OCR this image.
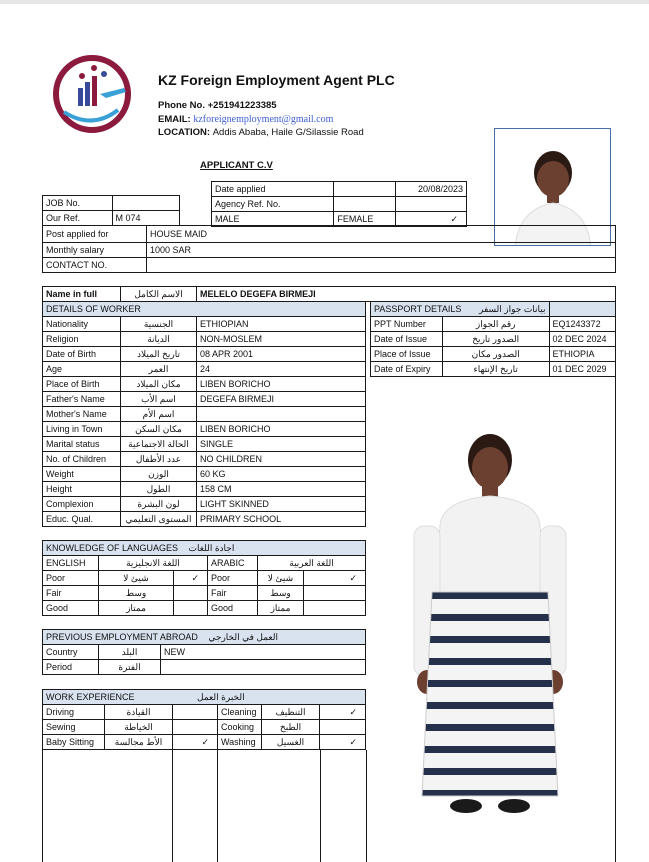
KZ Foreign Employment Agent PLC
Phone No. +251941223385
EMAIL: kzforeignemployment@gmail.com
LOCATION: Addis Ababa, Haile G/Silassie Road
APPLICANT C.V
Date applied		20/08/2023
Agency Ref. No.		
MALE	FEMALE	✓
JOB No.	
Our Ref.	M 074
Post applied for	HOUSE MAID
Monthly salary	1000 SAR
CONTACT NO.	
Name in full	الاسم الكامل	MELELO DEGEFA BIRMEJI
DETAILS OF WORKER		
Nationality	الجنسية	ETHIOPIAN
Religion	الديانة	NON-MOSLEM
Date of Birth	تاريخ الميلاد	08 APR 2001
Age	العمر	24
Place of Birth	مكان الميلاد	LIBEN BORICHO
Father's Name	اسم الأب	DEGEFA BIRMEJI
Mother's Name	اسم الأم	
Living in Town	مكان السكن	LIBEN BORICHO
Marital status	الحالة الاجتماعية	SINGLE
No. of Children	عدد الأطفال	NO CHILDREN
Weight	الوزن	60 KG
Height	الطول	158 CM
Complexion	لون البشرة	LIGHT SKINNED
Educ. Qual.	المستوى التعليمي	PRIMARY SCHOOL
PASSPORT DETAILS بيانات جواز السفر		

PPT Number	رقم الجواز	EQ1243372
Date of Issue	الصدور تاريخ	02 DEC 2024
Place of Issue	الصدور مكان	ETHIOPIA
Date of Expiry	تاريخ الإنتهاء	01 DEC 2029
KNOWLEDGE OF LANGUAGES اجادة اللغات					
ENGLISH	اللغة الانجليزية		ARABIC	اللغة العربية	
Poor	شيئ لا	✓	Poor	شيئ لا	✓
Fair	وسط		Fair	وسط	
Good	ممتاز		Good	ممتاز	
PREVIOUS EMPLOYMENT ABROAD العمل في الخارجي		
Country	البلد	NEW
Period	الفترة	
WORK EXPERIENCE الخبرة العمل					
Driving	القيادة		Cleaning	التنظيف	✓
Sewing	الخياطة		Cooking	الطبخ	
Baby Sitting	الأط مجالسة	✓	Washing	الغسيل	✓
